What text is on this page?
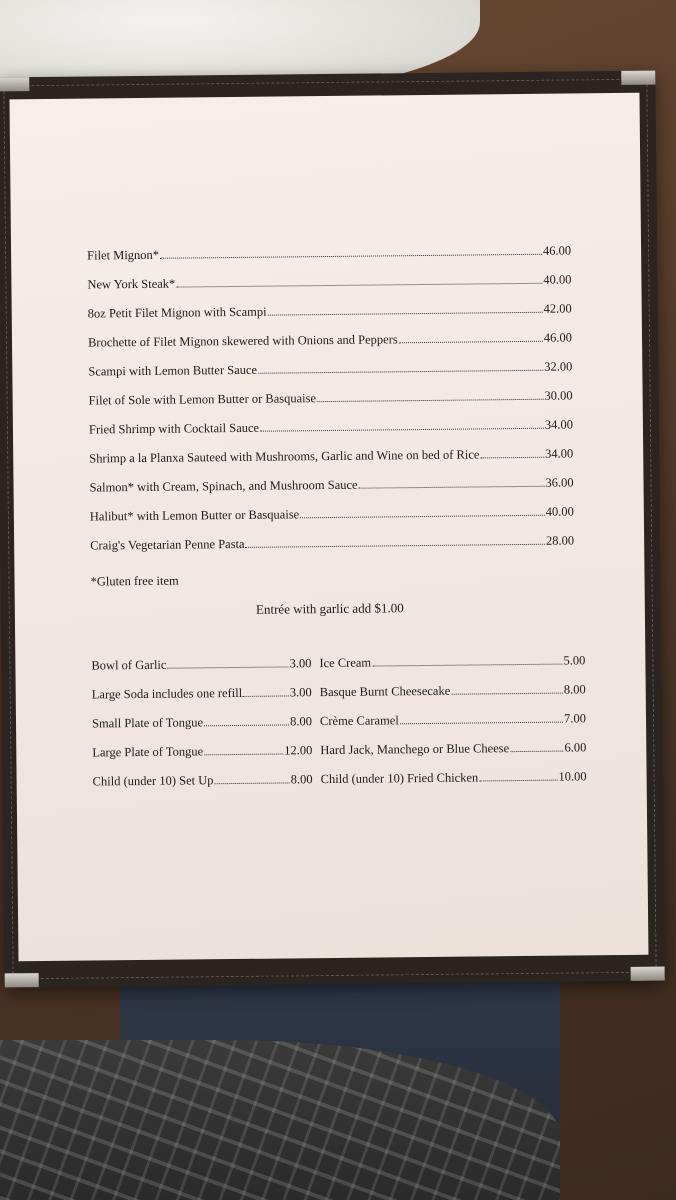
Filet Mignon*	46.00
New York Steak*	40.00
8oz Petit Filet Mignon with Scampi	42.00
Brochette of Filet Mignon skewered with Onions and Peppers	46.00
Scampi with Lemon Butter Sauce	32.00
Filet of Sole with Lemon Butter or Basquaise	30.00
Fried Shrimp with Cocktail Sauce	34.00
Shrimp a la Planxa Sauteed with Mushrooms, Garlic and Wine on bed of Rice	34.00
Salmon* with Cream, Spinach, and Mushroom Sauce	36.00
Halibut* with Lemon Butter or Basquaise	40.00
Craig's Vegetarian Penne Pasta	28.00
*Gluten free item
Entrée with garlic add $1.00
Bowl of Garlic	3.00
Large Soda includes one refill	3.00
Small Plate of Tongue	8.00
Large Plate of Tongue	12.00
Child (under 10) Set Up	8.00
Ice Cream	5.00
Basque Burnt Cheesecake	8.00
Crème Caramel	7.00
Hard Jack, Manchego or Blue Cheese	6.00
Child (under 10) Fried Chicken	10.00
